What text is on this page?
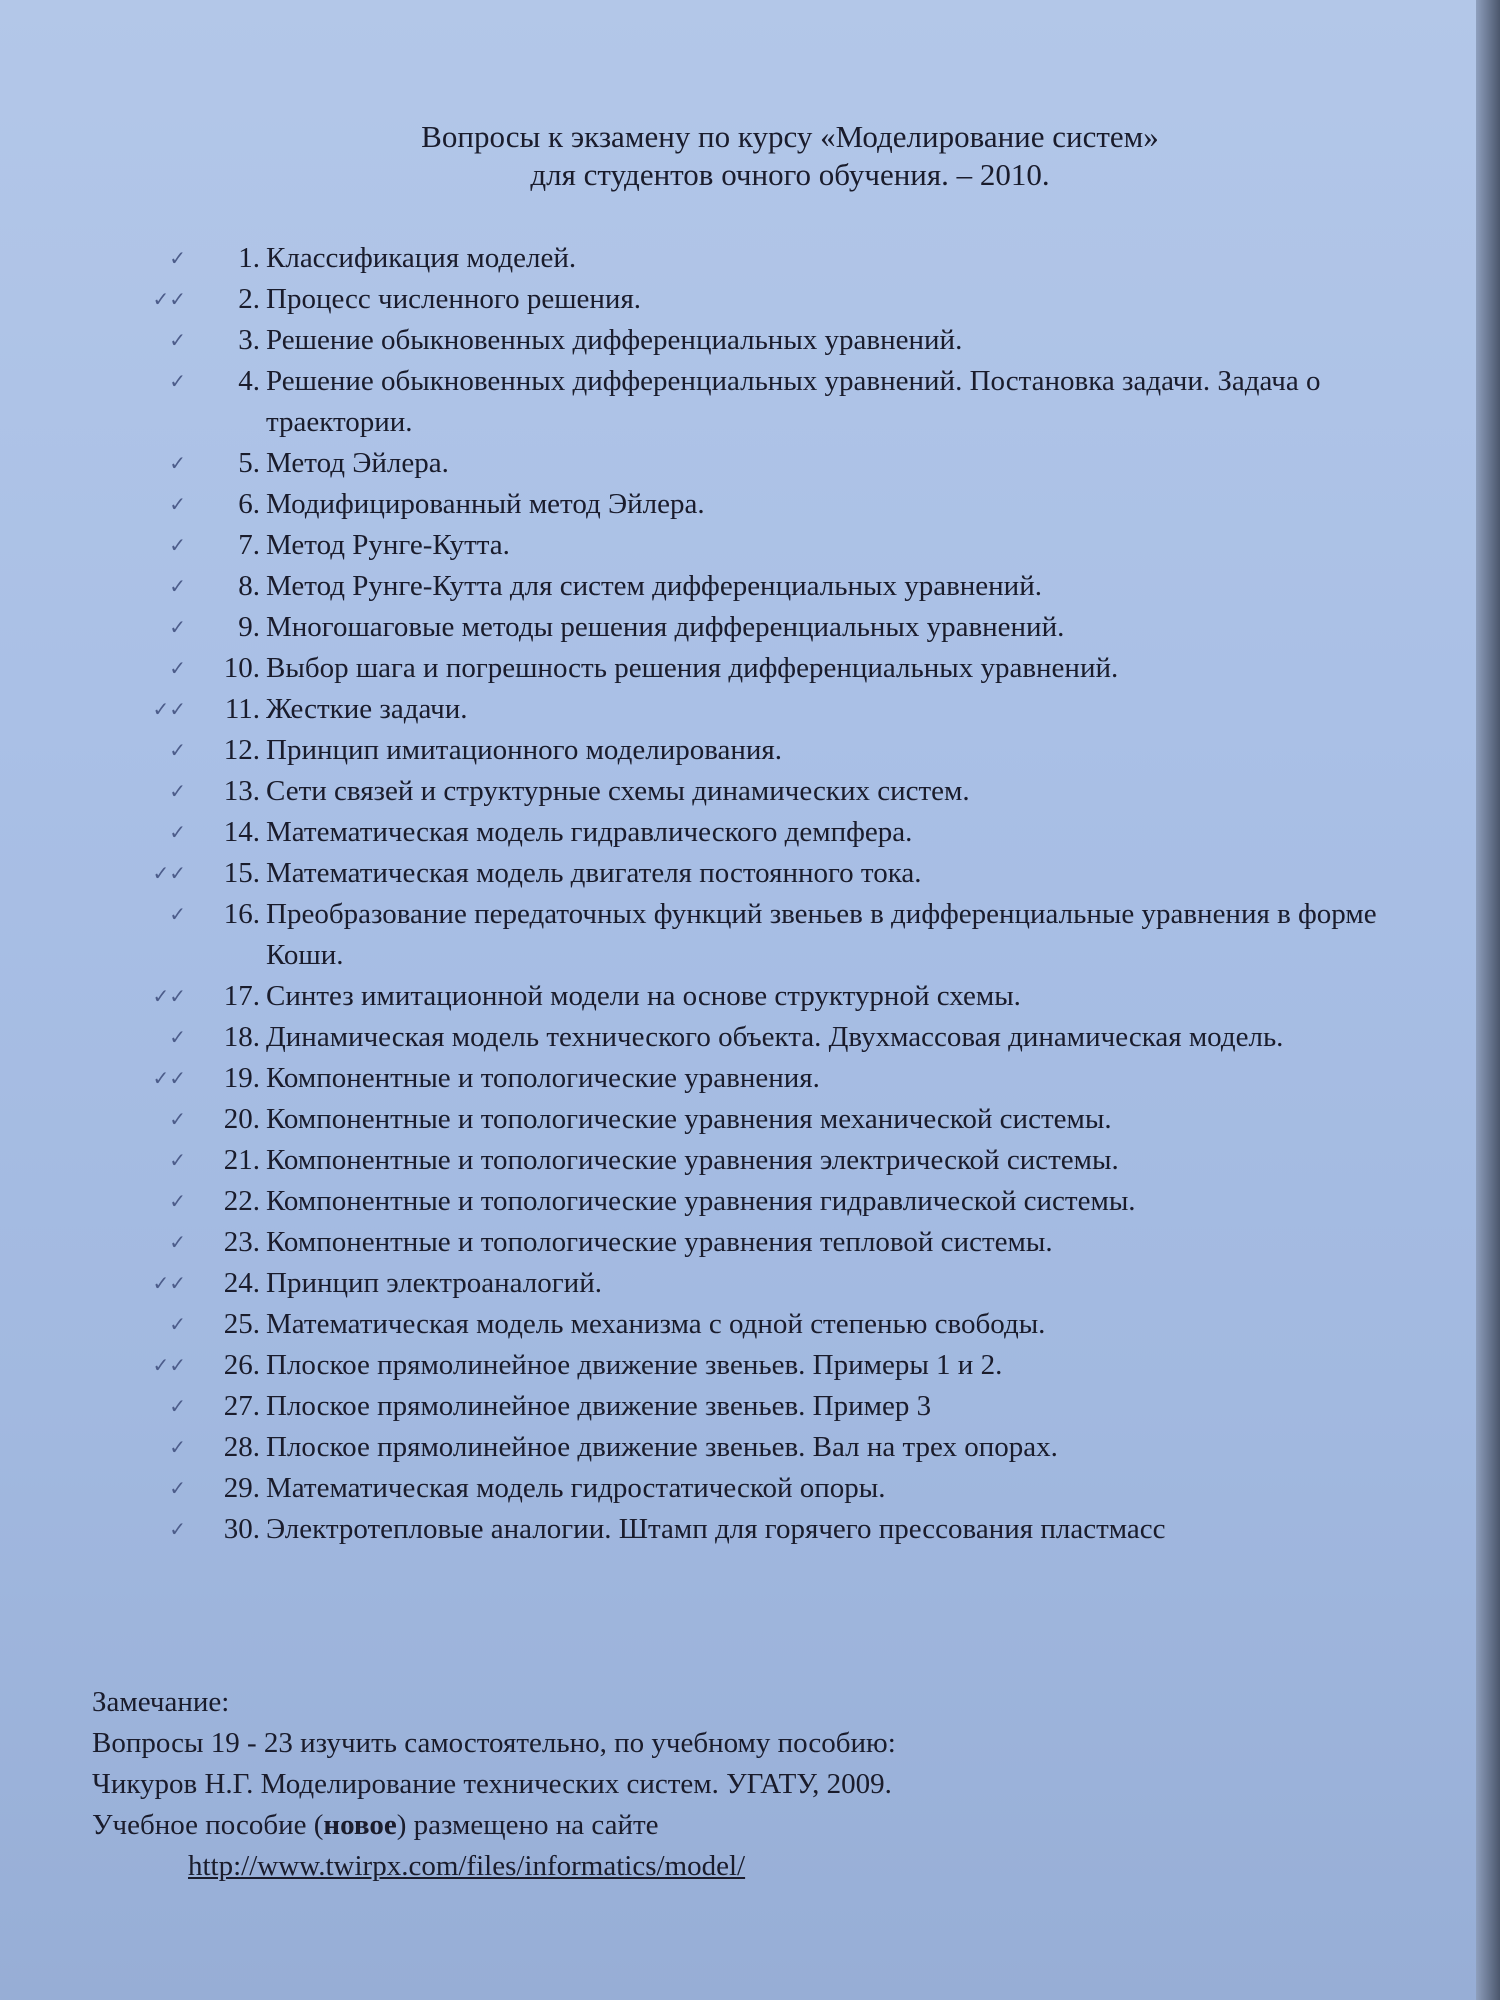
Вопросы к экзамену по курсу «Моделирование систем»
для студентов очного обучения. – 2010.
✓	1. Классификация моделей.
✓✓	2. Процесс численного решения.
✓	3. Решение обыкновенных дифференциальных уравнений.
✓	4. Решение обыкновенных дифференциальных уравнений. Постановка задачи. Задача о траектории.
✓	5. Метод Эйлера.
✓	6. Модифицированный метод Эйлера.
✓	7. Метод Рунге-Кутта.
✓	8. Метод Рунге-Кутта для систем дифференциальных уравнений.
✓	9. Многошаговые методы решения дифференциальных уравнений.
✓	10. Выбор шага и погрешность решения дифференциальных уравнений.
✓✓	11. Жесткие задачи.
✓	12. Принцип имитационного моделирования.
✓	13. Сети связей и структурные схемы динамических систем.
✓	14. Математическая модель гидравлического демпфера.
✓✓	15. Математическая модель двигателя постоянного тока.
✓	16. Преобразование передаточных функций звеньев в дифференциальные уравнения в форме Коши.
✓✓	17. Синтез имитационной модели на основе структурной схемы.
✓	18. Динамическая модель технического объекта. Двухмассовая динамическая модель.
✓✓	19. Компонентные и топологические уравнения.
✓	20. Компонентные и топологические уравнения механической системы.
✓	21. Компонентные и топологические уравнения электрической системы.
✓	22. Компонентные и топологические уравнения гидравлической системы.
✓	23. Компонентные и топологические уравнения тепловой системы.
✓✓	24. Принцип электроаналогий.
✓	25. Математическая модель механизма с одной степенью свободы.
✓✓	26. Плоское прямолинейное движение звеньев. Примеры 1 и 2.
✓	27. Плоское прямолинейное движение звеньев. Пример 3
✓	28. Плоское прямолинейное движение звеньев. Вал на трех опорах.
✓	29. Математическая модель гидростатической опоры.
✓	30. Электротепловые аналогии. Штамп для горячего прессования пластмасс

Замечание:

Вопросы 19 - 23 изучить самостоятельно, по учебному пособию:

Чикуров Н.Г. Моделирование технических систем. УГАТУ, 2009.

Учебное пособие (новое) размещено на сайте

http://www.twirpx.com/files/informatics/model/
